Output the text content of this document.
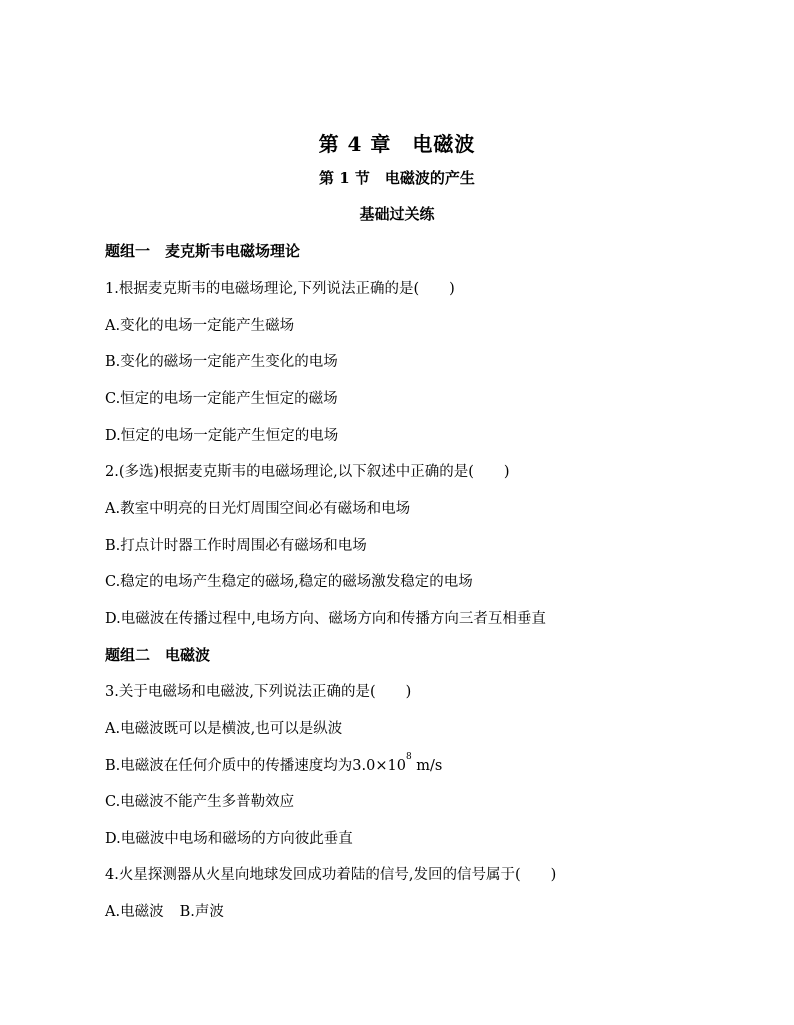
第 4 章　电磁波
第 1 节　电磁波的产生
基础过关练
题组一　麦克斯韦电磁场理论
1.根据麦克斯韦的电磁场理论,下列说法正确的是( )
A.变化的电场一定能产生磁场
B.变化的磁场一定能产生变化的电场
C.恒定的电场一定能产生恒定的磁场
D.恒定的电场一定能产生恒定的电场
2.(多选)根据麦克斯韦的电磁场理论,以下叙述中正确的是( )
A.教室中明亮的日光灯周围空间必有磁场和电场
B.打点计时器工作时周围必有磁场和电场
C.稳定的电场产生稳定的磁场,稳定的磁场激发稳定的电场
D.电磁波在传播过程中,电场方向、磁场方向和传播方向三者互相垂直
题组二　电磁波
3.关于电磁场和电磁波,下列说法正确的是( )
A.电磁波既可以是横波,也可以是纵波
B.电磁波在任何介质中的传播速度均为$3.0\times 10^8$ m/s
C.电磁波不能产生多普勒效应
D.电磁波中电场和磁场的方向彼此垂直
4.火星探测器从火星向地球发回成功着陆的信号,发回的信号属于( )
A.电磁波 B.声波
